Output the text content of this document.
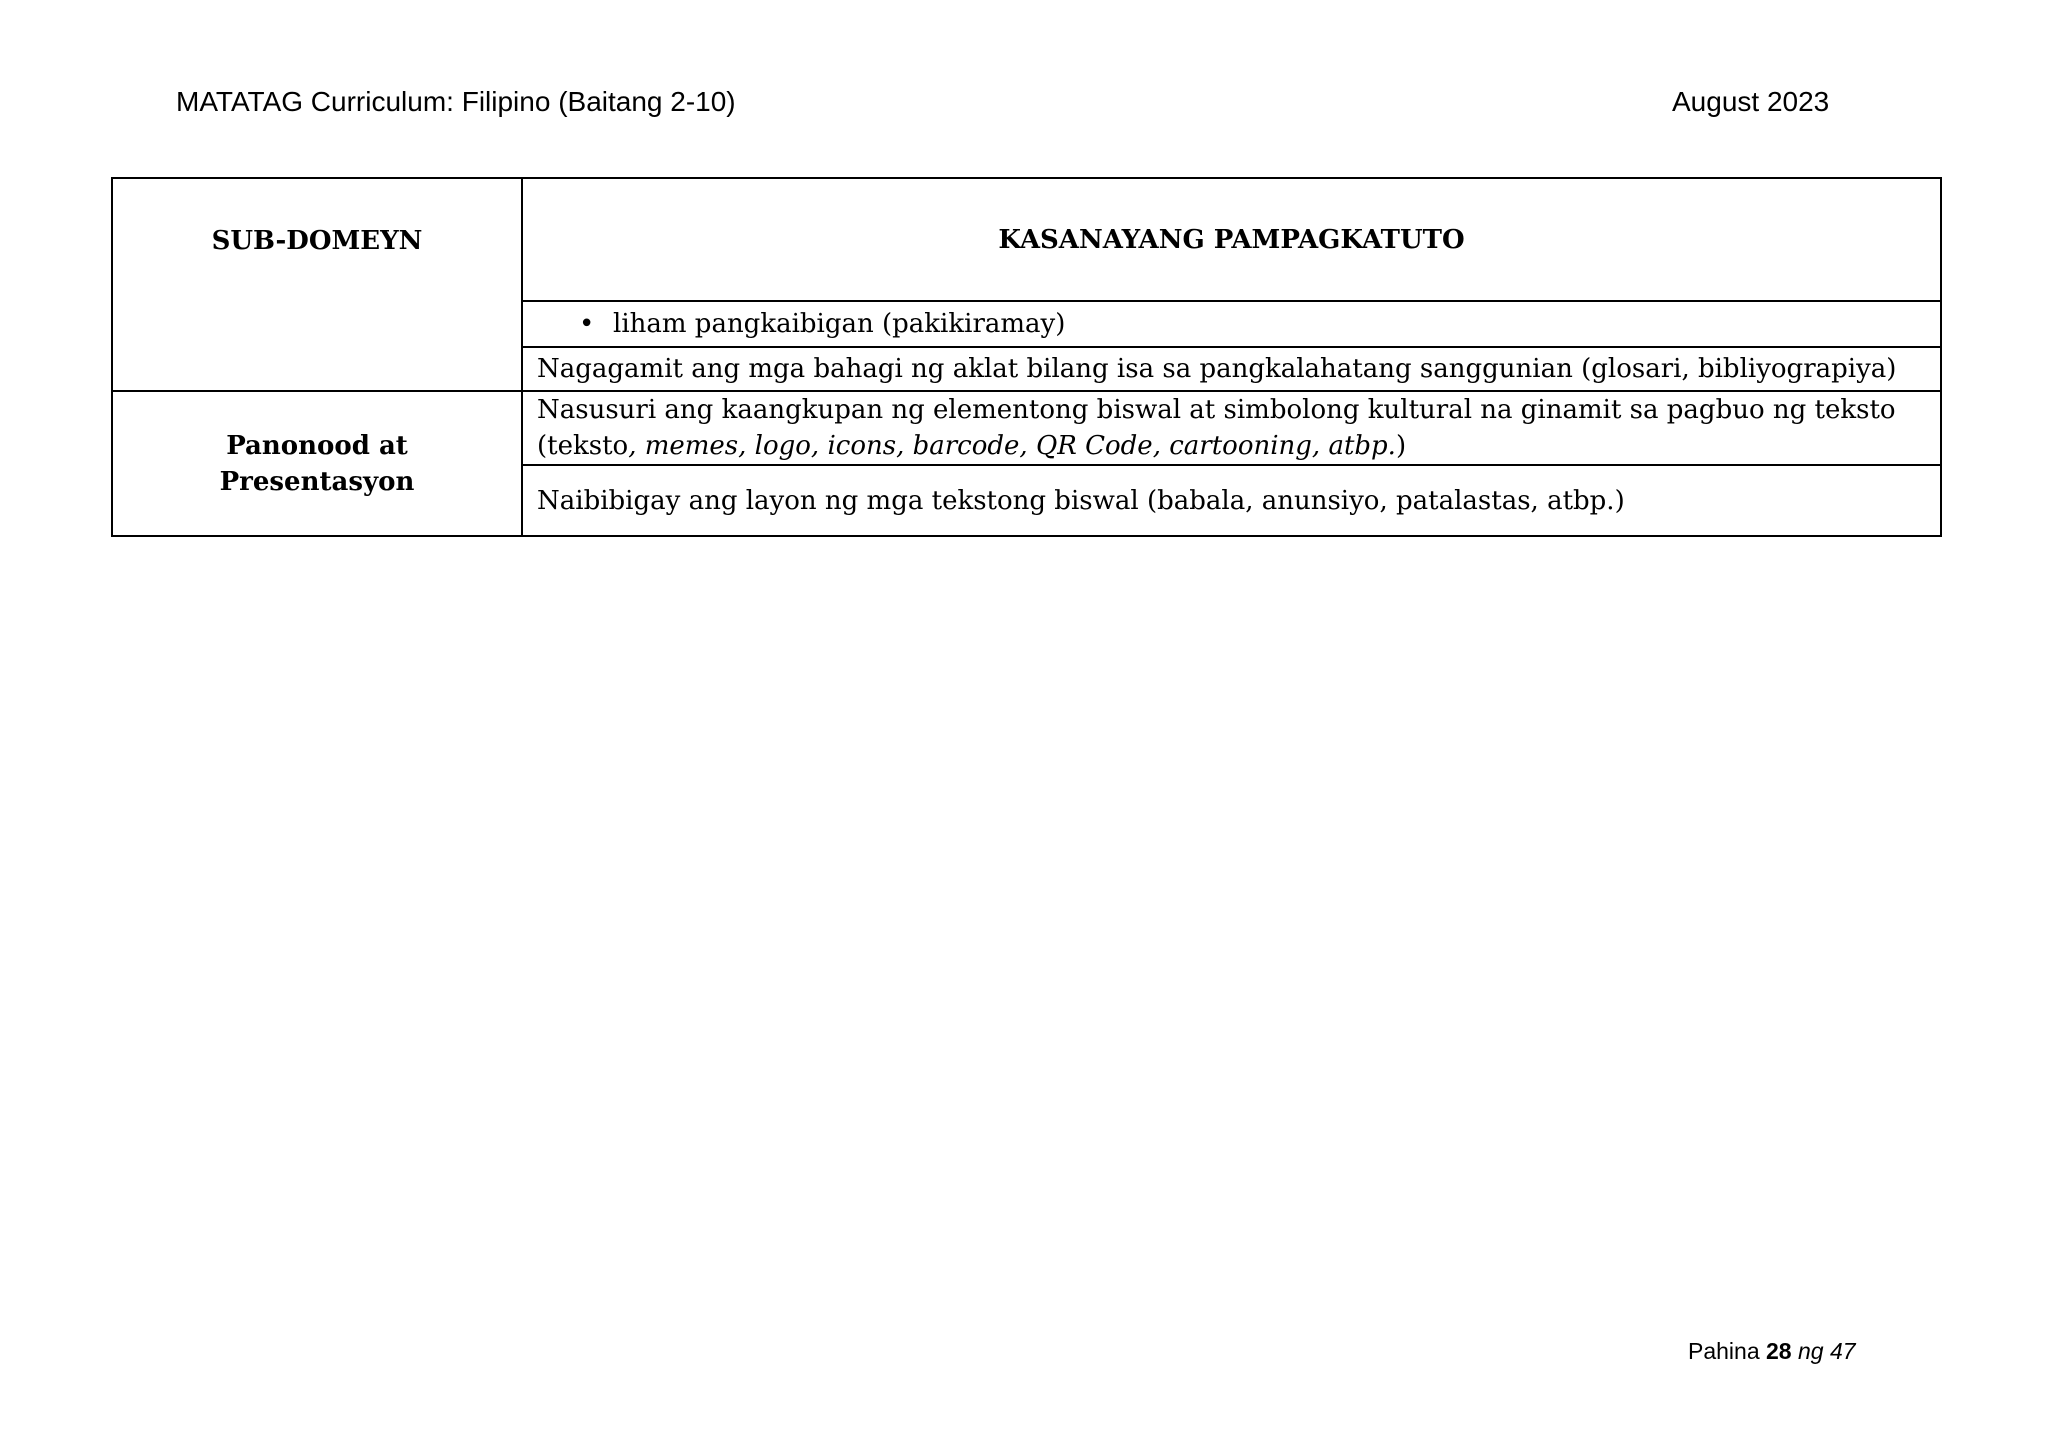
MATATAG Curriculum: Filipino (Baitang 2-10)	August 2023
SUB-DOMEYN	KASANAYANG PAMPAGKATUTO
	• liham pangkaibigan (pakikiramay)
	Nagagamit ang mga bahagi ng aklat bilang isa sa pangkalahatang sanggunian (glosari, bibliyograpiya)
Panonood at
Presentasyon	Nasusuri ang kaangkupan ng elementong biswal at simbolong kultural na ginamit sa pagbuo ng teksto
(teksto, memes, logo, icons, barcode, QR Code, cartooning, atbp.)
	Naibibigay ang layon ng mga tekstong biswal (babala, anunsiyo, patalastas, atbp.)
Pahina 28 ng 47
